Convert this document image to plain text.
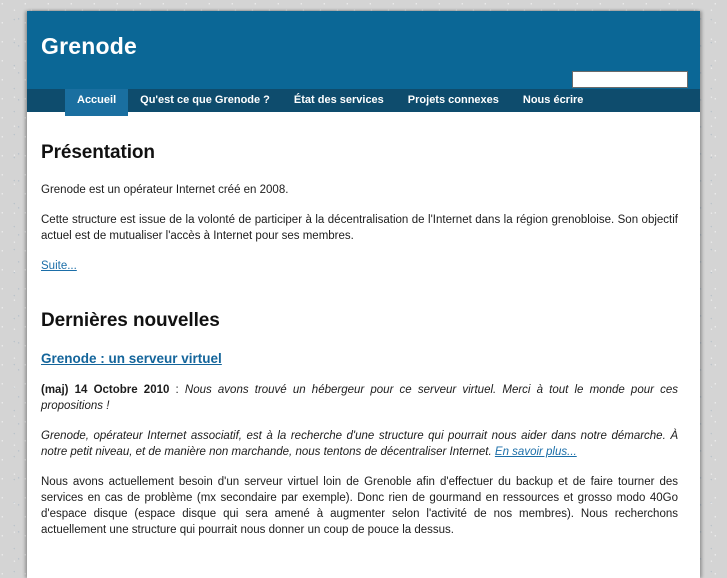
Grenode
Accueil	Qu'est ce que Grenode ?	État des services	Projets connexes	Nous écrire
Présentation

Grenode est un opérateur Internet créé en 2008.

Cette structure est issue de la volonté de participer à la décentralisation de l'Internet dans la région grenobloise. Son objectif actuel est de mutualiser l'accès à Internet pour ses membres.

Suite...

Dernières nouvelles

Grenode : un serveur virtuel

(maj) 14 Octobre 2010 : Nous avons trouvé un hébergeur pour ce serveur virtuel. Merci à tout le monde pour ces propositions !

Grenode, opérateur Internet associatif, est à la recherche d'une structure qui pourrait nous aider dans notre démarche. À notre petit niveau, et de manière non marchande, nous tentons de décentraliser Internet. En savoir plus...

Nous avons actuellement besoin d'un serveur virtuel loin de Grenoble afin d'effectuer du backup et de faire tourner des services en cas de problème (mx secondaire par exemple). Donc rien de gourmand en ressources et grosso modo 40Go d'espace disque (espace disque qui sera amené à augmenter selon l'activité de nos membres). Nous recherchons actuellement une structure qui pourrait nous donner un coup de pouce la dessus.
